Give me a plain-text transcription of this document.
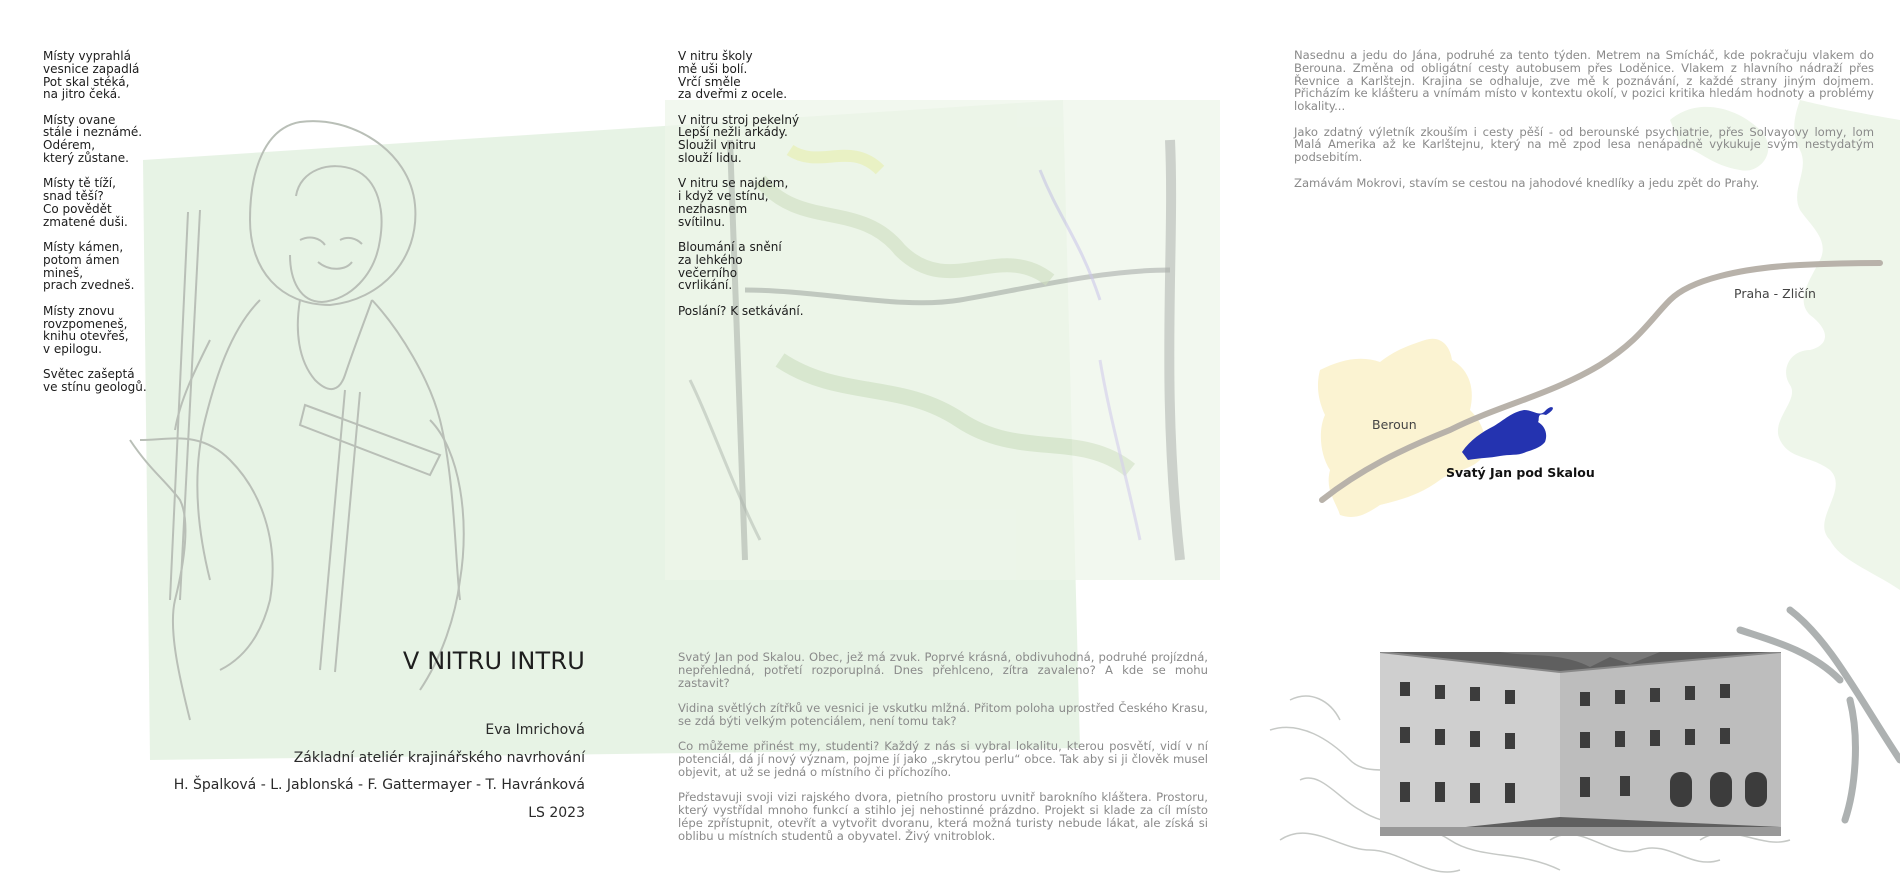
Místy vyprahlá
vesnice zapadlá
Pot skal stéká,
na jitro čeká.
Místy ovane
stále i neznámé.
Odérem,
který zůstane.
Místy tě tíží,
snad těší?
Co povědět
zmatené duši.
Místy kámen,
potom ámen
mineš,
prach zvedneš.
Místy znovu
rovzpomeneš,
knihu otevřeš,
v epilogu.
Světec zašeptá
ve stínu geologů.
V nitru školy
mě uši bolí.
Vrčí směle
za dveřmi z ocele.
V nitru stroj pekelný
Lepší nežli arkády.
Sloužil vnitru
slouží lidu.
V nitru se najdem,
i když ve stínu,
nezhasnem
svítilnu.
Bloumání a snění
za lehkého
večerního
cvrlikání.
Poslání? K setkávání.
V NITRU INTRU
Eva Imrichová
Základní ateliér krajinářského navrhování
H. Špalková - L. Jablonská - F. Gattermayer - T. Havránková
LS 2023

Svatý Jan pod Skalou. Obec, jež má zvuk. Poprvé krásná, obdivuhodná, podruhé projízdná, nepřehledná, potřetí rozporuplná. Dnes přehlceno, zítra zavaleno? A kde se mohu zastavit?

Vidina světlých zítřků ve vesnici je vskutku mlžná. Přitom poloha uprostřed Českého Krasu, se zdá býti velkým potenciálem, není tomu tak?

Co můžeme přinést my, studenti? Každý z nás si vybral lokalitu, kterou posvětí, vidí v ní potenciál, dá jí nový význam, pojme jí jako „skrytou perlu“ obce. Tak aby si ji člověk musel objevit, at už se jedná o místního či příchozího.

Představuji svoji vizi rajského dvora, pietního prostoru uvnitř barokního kláštera. Prostoru, který vystřídal mnoho funkcí a stihlo jej nehostinné prázdno. Projekt si klade za cíl místo lépe zpřístupnit, otevřít a vytvořit dvoranu, která možná turisty nebude lákat, ale získá si oblibu u místních studentů a obyvatel. Živý vnitroblok.

Nasednu a jedu do Jána, podruhé za tento týden. Metrem na Smícháč, kde pokračuju vlakem do Berouna. Změna od obligátní cesty autobusem přes Loděnice. Vlakem z hlavního nádraží přes Řevnice a Karlštejn. Krajina se odhaluje, zve mě k poznávání, z každé strany jiným dojmem. Přicházím ke klášteru a vnímám místo v kontextu okolí, v pozici kritika hledám hodnoty a problémy lokality...

Jako zdatný výletník zkouším i cesty pěší - od berounské psychiatrie, přes Solvayovy lomy, lom Malá Amerika až ke Karlštejnu, který na mě zpod lesa nenápadně vykukuje svým nestydatým podsebitím.

Zamávám Mokrovi, stavím se cestou na jahodové knedlíky a jedu zpět do Prahy.

Beroun
Svatý Jan pod Skalou
Praha - Zličín
